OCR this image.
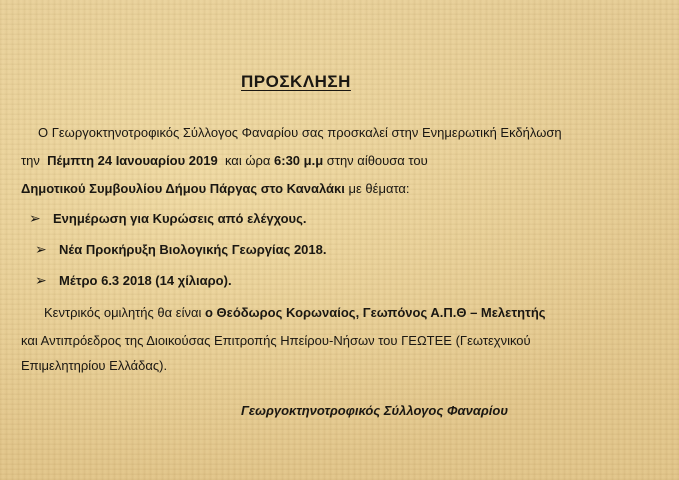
ΠΡΟΣΚΛΗΣΗ
Ο Γεωργοκτηνοτροφικός Σύλλογος Φαναρίου σας προσκαλεί στην Ενημερωτική Εκδήλωση
την Πέμπτη 24 Ιανουαρίου 2019 και ώρα 6:30 μ.μ στην αίθουσα του
Δημοτικού Συμβουλίου Δήμου Πάργας στο Καναλάκι με θέματα:
➢ Ενημέρωση για Κυρώσεις από ελέγχους.
➢ Νέα Προκήρυξη Βιολογικής Γεωργίας 2018.
➢ Μέτρο 6.3 2018 (14 χίλιαρο).
Κεντρικός ομιλητής θα είναι ο Θεόδωρος Κορωναίος, Γεωπόνος Α.Π.Θ – Μελετητής
και Αντιπρόεδρος της Διοικούσας Επιτροπής Ηπείρου-Νήσων του ΓΕΩΤΕΕ (Γεωτεχνικού
Επιμελητηρίου Ελλάδας).
Γεωργοκτηνοτροφικός Σύλλογος Φαναρίου
